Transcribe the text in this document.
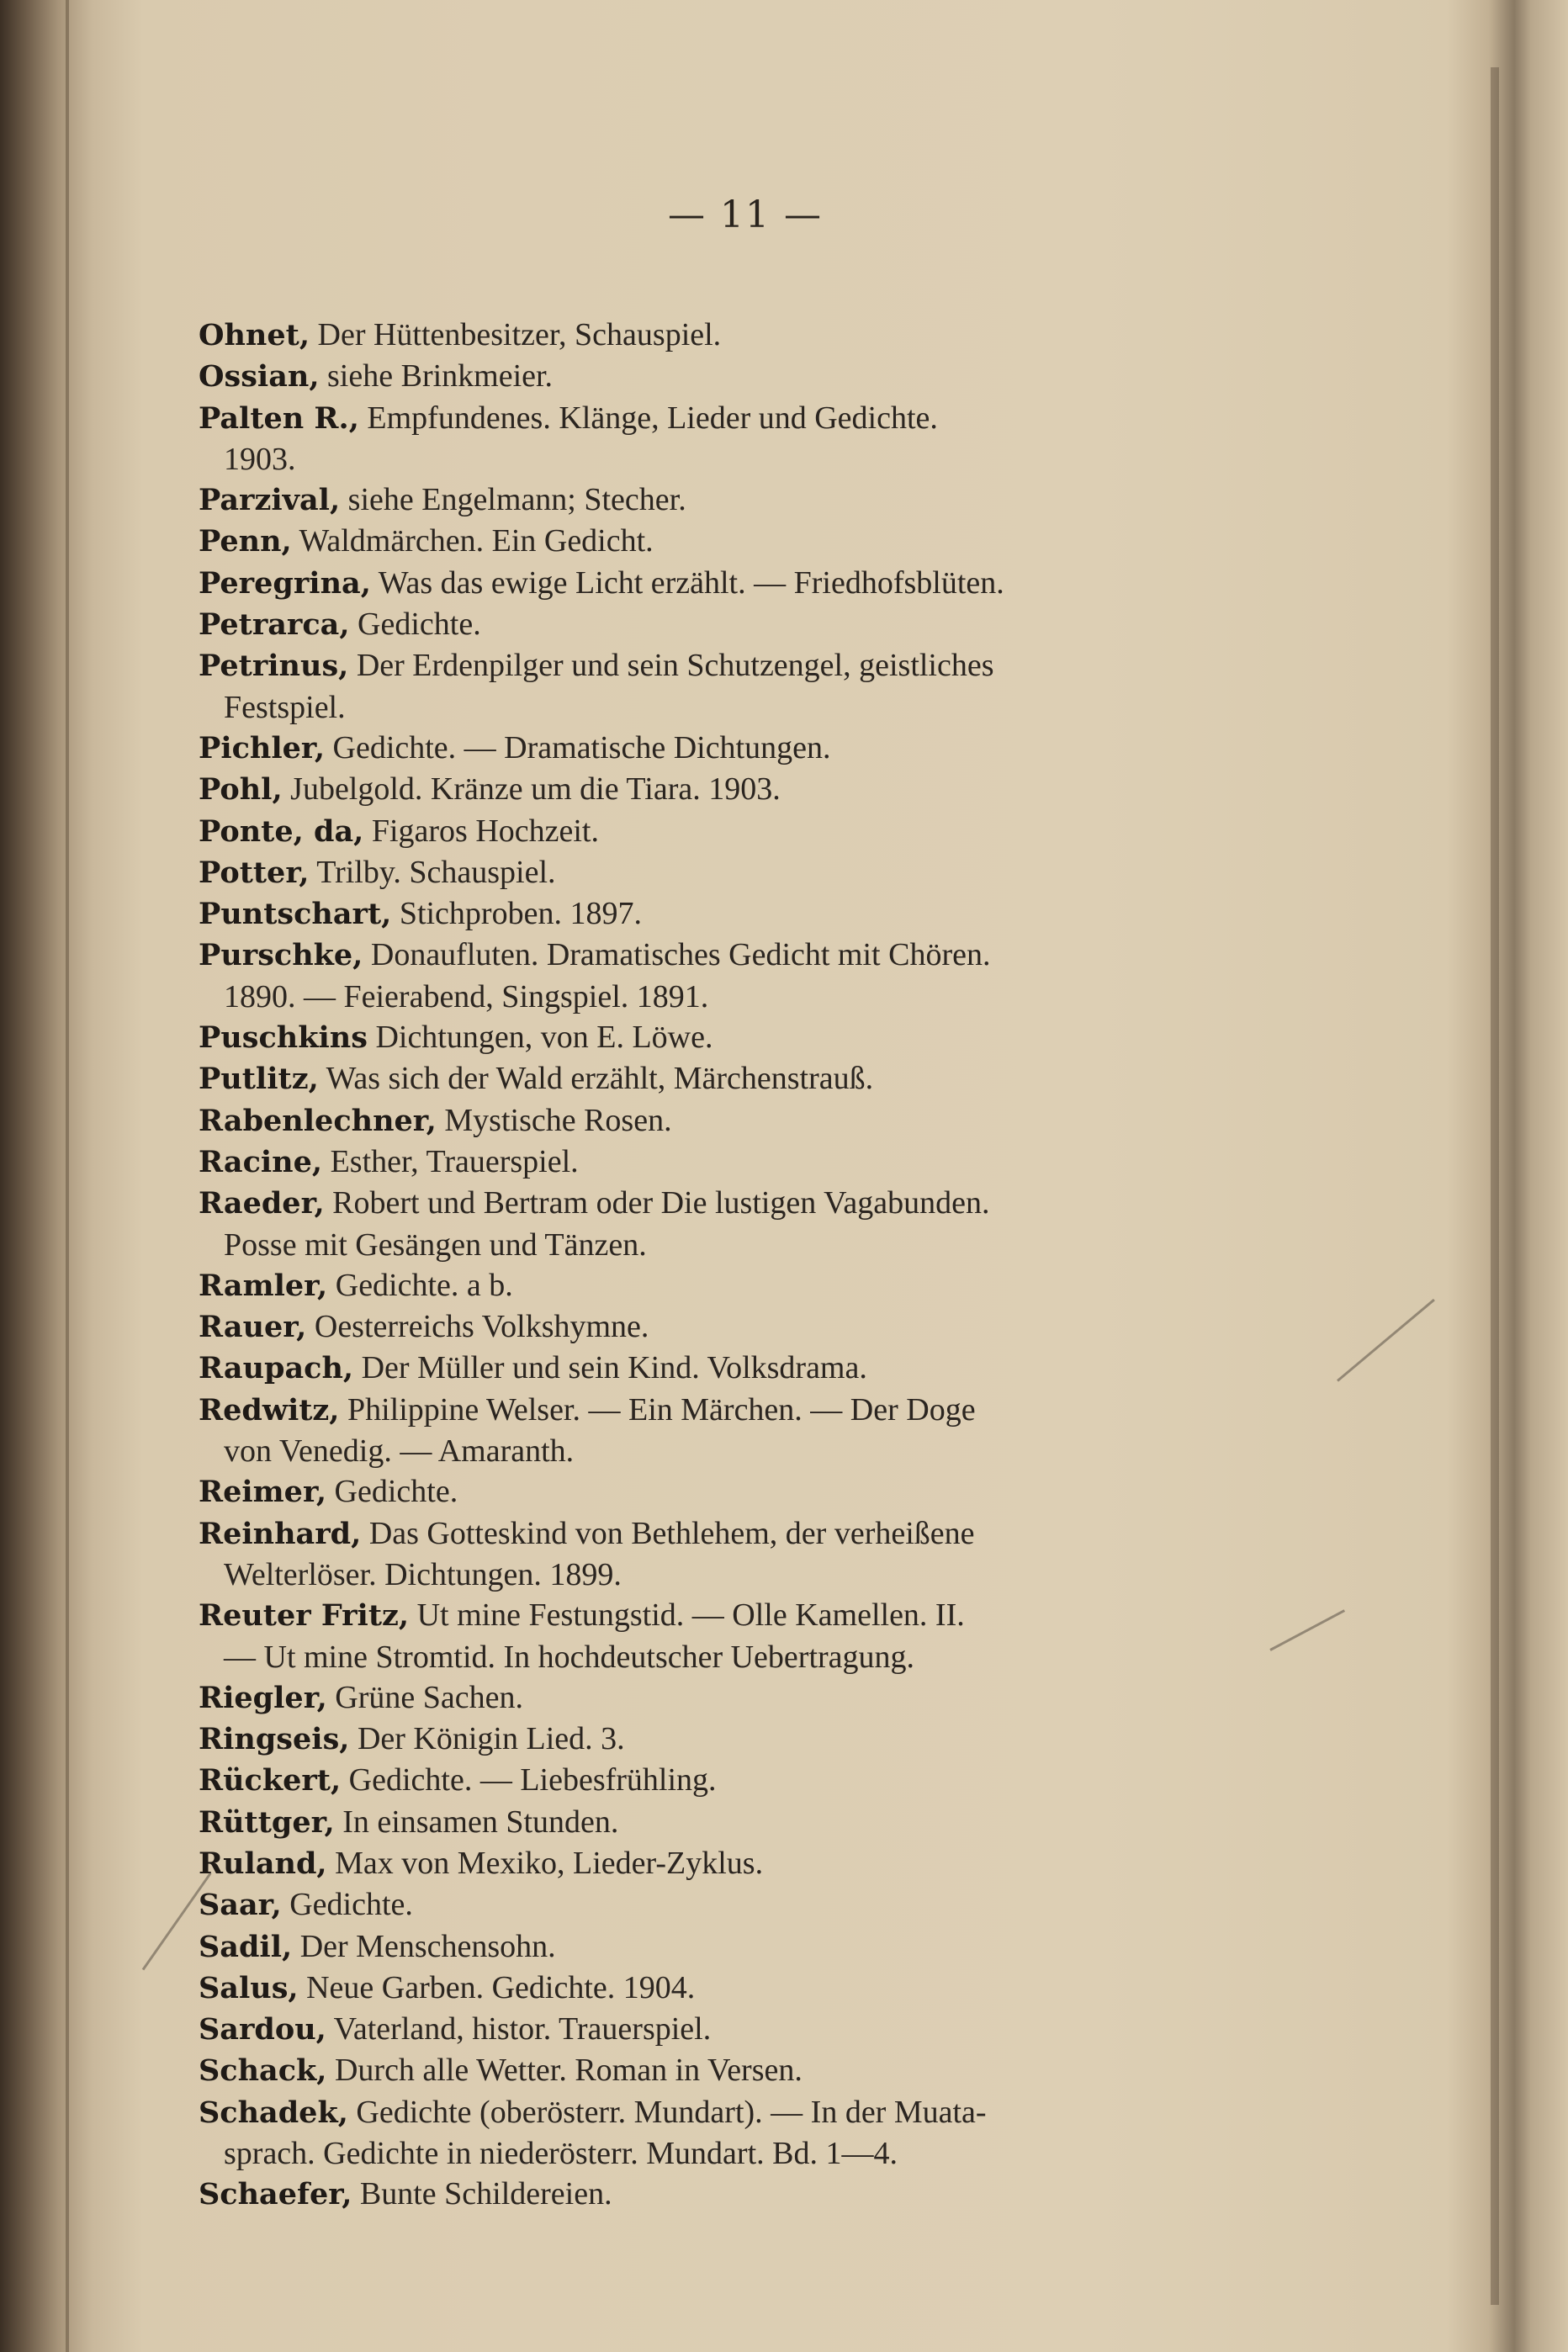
— 11 —
Ohnet, Der Hüttenbesitzer, Schauspiel.
Ossian, siehe Brinkmeier.
Palten R., Empfundenes. Klänge, Lieder und Gedichte.
1903.
Parzival, siehe Engelmann; Stecher.
Penn, Waldmärchen. Ein Gedicht.
Peregrina, Was das ewige Licht erzählt. — Friedhofsblüten.
Petrarca, Gedichte.
Petrinus, Der Erdenpilger und sein Schutzengel, geistliches
Festspiel.
Pichler, Gedichte. — Dramatische Dichtungen.
Pohl, Jubelgold. Kränze um die Tiara. 1903.
Ponte, da, Figaros Hochzeit.
Potter, Trilby. Schauspiel.
Puntschart, Stichproben. 1897.
Purschke, Donaufluten. Dramatisches Gedicht mit Chören.
1890. — Feierabend, Singspiel. 1891.
Puschkins Dichtungen, von E. Löwe.
Putlitz, Was sich der Wald erzählt, Märchenstrauß.
Rabenlechner, Mystische Rosen.
Racine, Esther, Trauerspiel.
Raeder, Robert und Bertram oder Die lustigen Vagabunden.
Posse mit Gesängen und Tänzen.
Ramler, Gedichte. a b.
Rauer, Oesterreichs Volkshymne.
Raupach, Der Müller und sein Kind. Volksdrama.
Redwitz, Philippine Welser. — Ein Märchen. — Der Doge
von Venedig. — Amaranth.
Reimer, Gedichte.
Reinhard, Das Gotteskind von Bethlehem, der verheißene
Welterlöser. Dichtungen. 1899.
Reuter Fritz, Ut mine Festungstid. — Olle Kamellen. II.
— Ut mine Stromtid. In hochdeutscher Uebertragung.
Riegler, Grüne Sachen.
Ringseis, Der Königin Lied. 3.
Rückert, Gedichte. — Liebesfrühling.
Rüttger, In einsamen Stunden.
Ruland, Max von Mexiko, Lieder-Zyklus.
Saar, Gedichte.
Sadil, Der Menschensohn.
Salus, Neue Garben. Gedichte. 1904.
Sardou, Vaterland, histor. Trauerspiel.
Schack, Durch alle Wetter. Roman in Versen.
Schadek, Gedichte (oberösterr. Mundart). — In der Muata-
sprach. Gedichte in niederösterr. Mundart. Bd. 1—4.
Schaefer, Bunte Schildereien.
